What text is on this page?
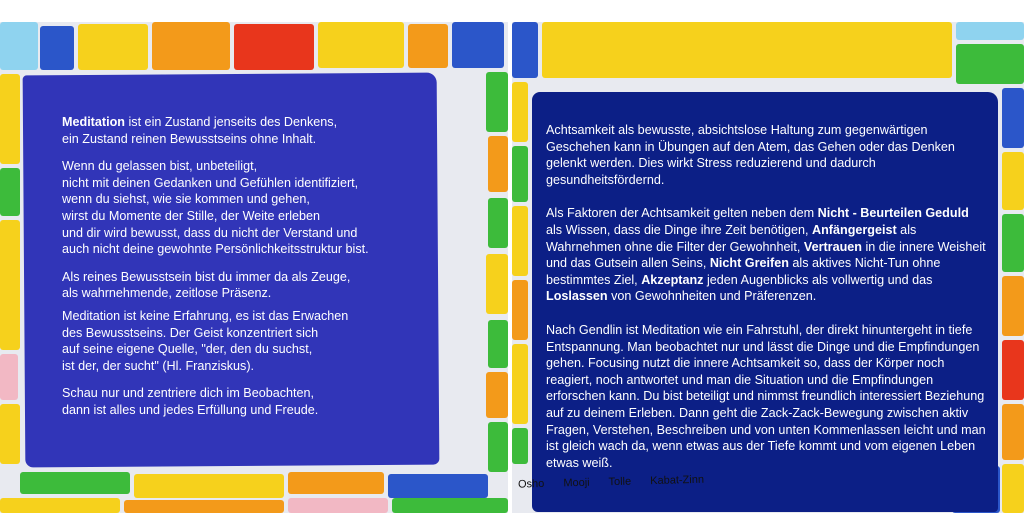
Meditation ist ein Zustand jenseits des Denkens,
ein Zustand reinen Bewusstseins ohne Inhalt.

Wenn du gelassen bist, unbeteiligt,
nicht mit deinen Gedanken und Gefühlen identifiziert,
wenn du siehst, wie sie kommen und gehen,
wirst du Momente der Stille, der Weite erleben
und dir wird bewusst, dass du nicht der Verstand und
auch nicht deine gewohnte Persönlichkeitsstruktur bist.

Als reines Bewusstsein bist du immer da als Zeuge,
als wahrnehmende, zeitlose Präsenz.

Meditation ist keine Erfahrung, es ist das Erwachen
des Bewusstseins. Der Geist konzentriert sich
auf seine eigene Quelle, "der, den du suchst,
ist der, der sucht" (Hl. Franziskus).

Schau nur und zentriere dich im Beobachten,
dann ist alles und jedes Erfüllung und Freude.

Achtsamkeit als bewusste, absichtslose Haltung zum gegenwärtigen Geschehen kann in Übungen auf den Atem, das Gehen oder das Denken gelenkt werden. Dies wirkt Stress reduzierend und dadurch gesundheitsfördernd.

Als Faktoren der Achtsamkeit gelten neben dem Nicht - Beurteilen Geduld als Wissen, dass die Dinge ihre Zeit benötigen, Anfängergeist als Wahrnehmen ohne die Filter der Gewohnheit, Vertrauen in die innere Weisheit und das Gutsein allen Seins, Nicht Greifen als aktives Nicht-Tun ohne bestimmtes Ziel, Akzeptanz jeden Augenblicks als vollwertig und das Loslassen von Gewohnheiten und Präferenzen.

Nach Gendlin ist Meditation wie ein Fahrstuhl, der direkt hinuntergeht in tiefe Entspannung. Man beobachtet nur und lässt die Dinge und die Empfindungen gehen. Focusing nutzt die innere Achtsamkeit so, dass der Körper noch reagiert, noch antwortet und man die Situation und die Empfindungen erforschen kann. Du bist beteiligt und nimmst freundlich interessiert Beziehung auf zu deinem Erleben. Dann geht die Zack-Zack-Bewegung zwischen aktiv Fragen, Verstehen, Beschreiben und von unten Kommenlassen leicht und man ist gleich wach da, wenn etwas aus der Tiefe kommt und vom eigenen Leben etwas weiß.

Osho Mooji Tolle Kabat-Zinn
